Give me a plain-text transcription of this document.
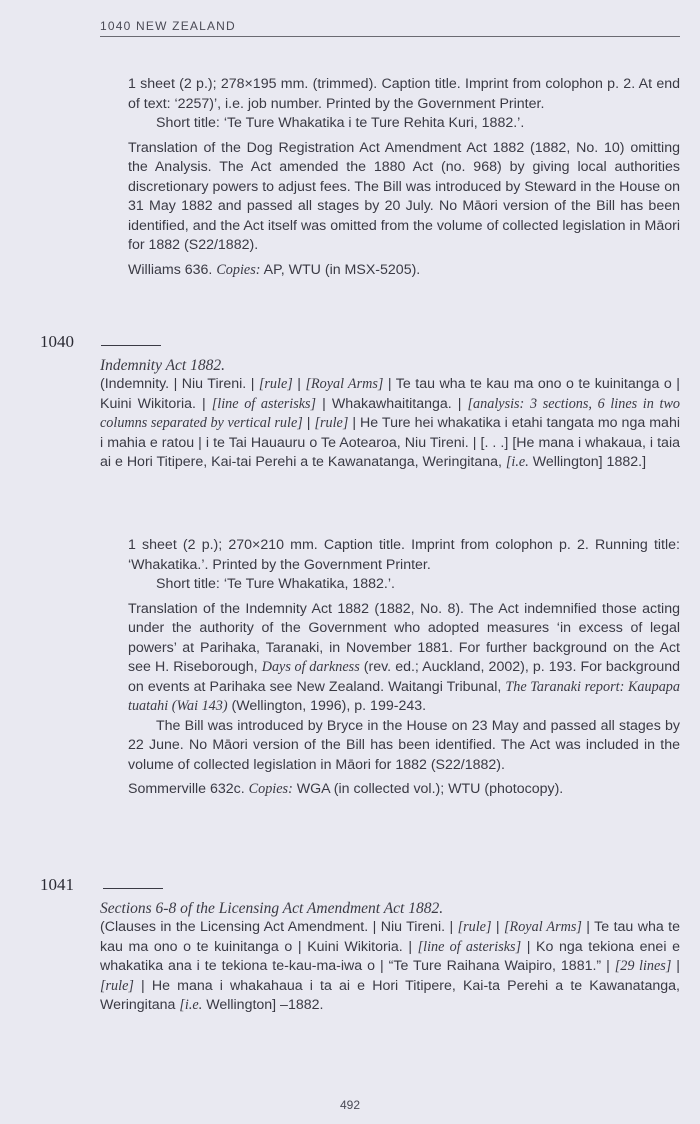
1040 NEW ZEALAND

1 sheet (2 p.); 278×195 mm. (trimmed). Caption title. Imprint from colophon p. 2. At end of text: ‘2257)’, i.e. job number. Printed by the Government Printer.

Short title: ‘Te Ture Whakatika i te Ture Rehita Kuri, 1882.’.

Translation of the Dog Registration Act Amendment Act 1882 (1882, No. 10) omitting the Analysis. The Act amended the 1880 Act (no. 968) by giving local authorities discretionary powers to adjust fees. The Bill was introduced by Steward in the House on 31 May 1882 and passed all stages by 20 July. No Māori version of the Bill has been identified, and the Act itself was omitted from the volume of collected legislation in Māori for 1882 (S22/1882).

Williams 636. Copies: AP, WTU (in MSX-5205).

1040

Indemnity Act 1882.

(Indemnity. | Niu Tireni. | [rule] | [Royal Arms] | Te tau wha te kau ma ono o te kuinitanga o | Kuini Wikitoria. | [line of asterisks] | Whakawhaititanga. | [analysis: 3 sections, 6 lines in two columns separated by vertical rule] | [rule] | He Ture hei whakatika i etahi tangata mo nga mahi i mahia e ratou | i te Tai Hauauru o Te Aotearoa, Niu Tireni. | [. . .] [He mana i whakaua, i taia ai e Hori Titipere, Kai-tai Perehi a te Kawanatanga, Weringitana, [i.e. Wellington] 1882.]

1 sheet (2 p.); 270×210 mm. Caption title. Imprint from colophon p. 2. Running title: ‘Whakatika.’. Printed by the Government Printer.

Short title: ‘Te Ture Whakatika, 1882.’.

Translation of the Indemnity Act 1882 (1882, No. 8). The Act indemnified those acting under the authority of the Government who adopted measures ‘in excess of legal powers’ at Parihaka, Taranaki, in November 1881. For further background on the Act see H. Riseborough, Days of darkness (rev. ed.; Auckland, 2002), p. 193. For background on events at Parihaka see New Zealand. Waitangi Tribunal, The Taranaki report: Kaupapa tuatahi (Wai 143) (Wellington, 1996), p. 199-243.

The Bill was introduced by Bryce in the House on 23 May and passed all stages by 22 June. No Māori version of the Bill has been identified. The Act was included in the volume of collected legislation in Māori for 1882 (S22/1882).

Sommerville 632c. Copies: WGA (in collected vol.); WTU (photocopy).

1041

Sections 6-8 of the Licensing Act Amendment Act 1882.

(Clauses in the Licensing Act Amendment. | Niu Tireni. | [rule] | [Royal Arms] | Te tau wha te kau ma ono o te kuinitanga o | Kuini Wikitoria. | [line of asterisks] | Ko nga tekiona enei e whakatika ana i te tekiona te-kau-ma-iwa o | “Te Ture Raihana Waipiro, 1881.” | [29 lines] | [rule] | He mana i whakahaua i ta ai e Hori Titipere, Kai-ta Perehi a te Kawanatanga, Weringitana [i.e. Wellington] –1882.

492
